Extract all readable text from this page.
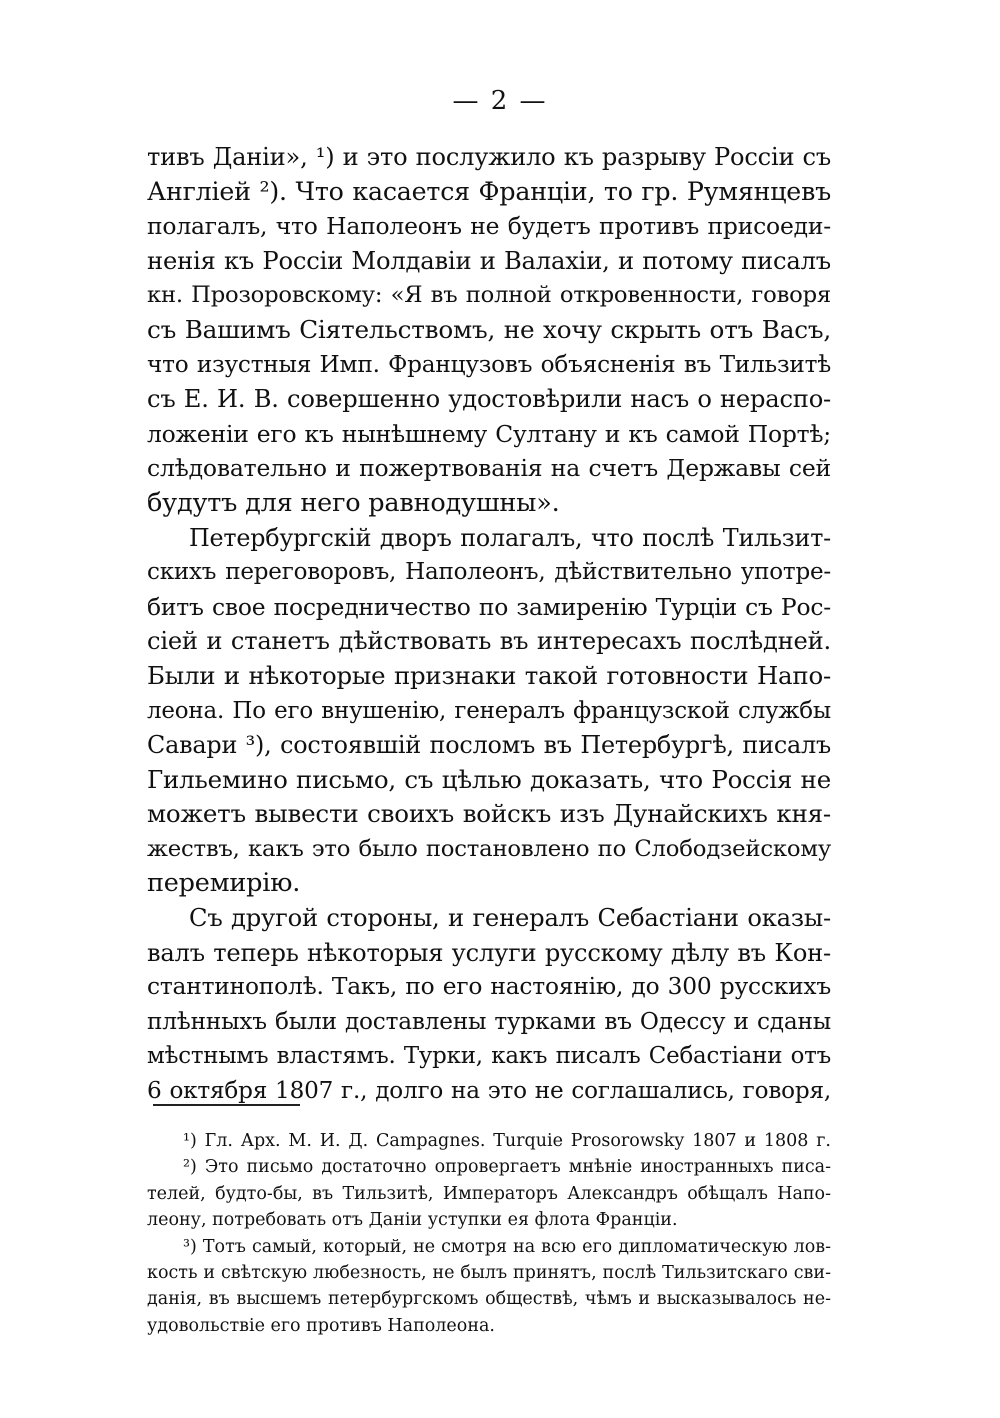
— 2 —
тивъ Даніи», ¹) и это послужило къ разрыву Россіи съ
Англіей ²). Что касается Франціи, то гр. Румянцевъ
полагалъ, что Наполеонъ не будетъ противъ присоеди-
ненія къ Россіи Молдавіи и Валахіи, и потому писалъ
кн. Прозоровскому: «Я въ полной откровенности, говоря
съ Вашимъ Сіятельствомъ, не хочу скрыть отъ Васъ,
что изустныя Имп. Французовъ объясненія въ Тильзитѣ
съ Е. И. В. совершенно удостовѣрили насъ о нераспо-
ложеніи его къ нынѣшнему Султану и къ самой Портѣ;
слѣдовательно и пожертвованія на счетъ Державы сей
будутъ для него равнодушны».
Петербургскій дворъ полагалъ, что послѣ Тильзит-
скихъ переговоровъ, Наполеонъ, дѣйствительно употре-
битъ свое посредничество по замиренію Турціи съ Рос-
сіей и станетъ дѣйствовать въ интересахъ послѣдней.
Были и нѣкоторые признаки такой готовности Напо-
леона. По его внушенію, генералъ французской службы
Савари ³), состоявшій посломъ въ Петербургѣ, писалъ
Гильемино письмо, съ цѣлью доказать, что Россія не
можетъ вывести своихъ войскъ изъ Дунайскихъ кня-
жествъ, какъ это было постановлено по Слободзейскому
перемирію.
Съ другой стороны, и генералъ Себастіани оказы-
валъ теперь нѣкоторыя услуги русскому дѣлу въ Кон-
стантинополѣ. Такъ, по его настоянію, до 300 русскихъ
плѣнныхъ были доставлены турками въ Одессу и сданы
мѣстнымъ властямъ. Турки, какъ писалъ Себастіани отъ
6 октября 1807 г., долго на это не соглашались, говоря,
¹) Гл. Арх. М. И. Д. Campagnes. Turquie Prosorowsky 1807 и 1808 г.
²) Это письмо достаточно опровергаетъ мнѣніе иностранныхъ писа-
телей, будто-бы, въ Тильзитѣ, Императоръ Александръ обѣщалъ Напо-
леону, потребовать отъ Даніи уступки ея флота Франціи.
³) Тотъ самый, который, не смотря на всю его дипломатическую лов-
кость и свѣтскую любезность, не былъ принятъ, послѣ Тильзитскаго сви-
данія, въ высшемъ петербургскомъ обществѣ, чѣмъ и высказывалось не-
удовольствіе его противъ Наполеона.
